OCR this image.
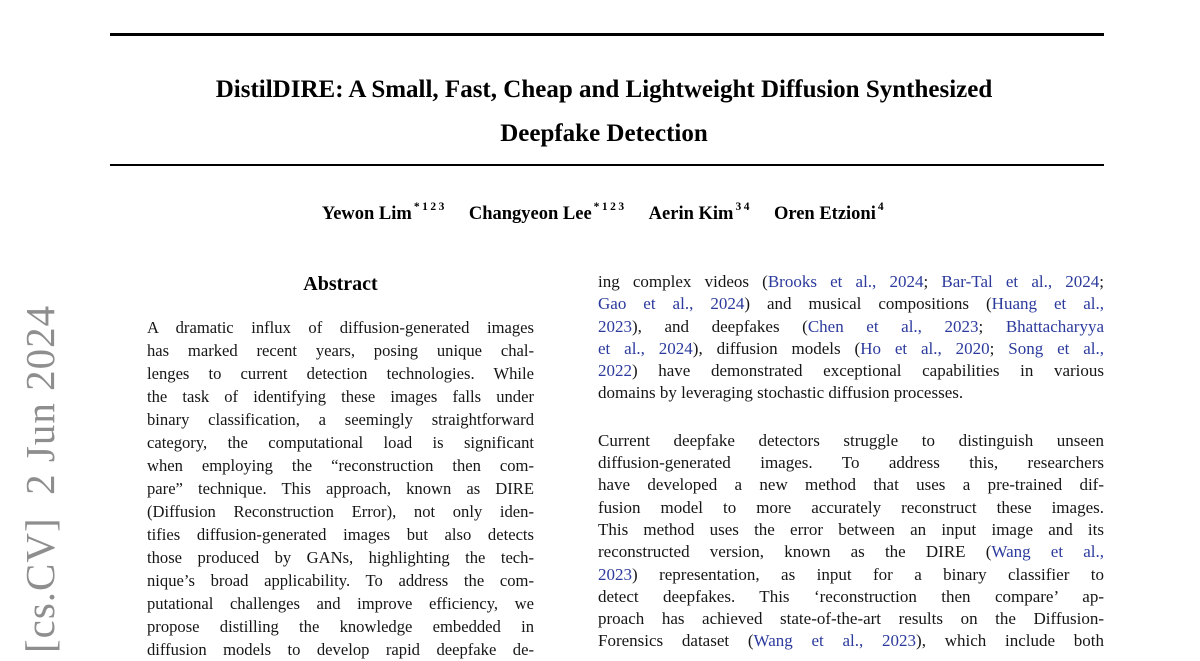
[cs.CV]  2 Jun 2024
DistilDIRE: A Small, Fast, Cheap and Lightweight Diffusion Synthesized
Deepfake Detection
Yewon Lim $^{*123}$ Changyeon Lee $^{*123}$ Aerin Kim $^{34}$ Oren Etzioni $^4$
Abstract
A dramatic influx of diffusion-generated images
has marked recent years, posing unique chal-
lenges to current detection technologies. While
the task of identifying these images falls under
binary classification, a seemingly straightforward
category, the computational load is significant
when employing the “reconstruction then com-
pare” technique. This approach, known as DIRE
(Diffusion Reconstruction Error), not only iden-
tifies diffusion-generated images but also detects
those produced by GANs, highlighting the tech-
nique’s broad applicability. To address the com-
putational challenges and improve efficiency, we
propose distilling the knowledge embedded in
diffusion models to develop rapid deepfake de-
ing complex videos (Brooks et al., 2024; Bar-Tal et al., 2024;
Gao et al., 2024) and musical compositions (Huang et al.,
2023), and deepfakes (Chen et al., 2023; Bhattacharyya
et al., 2024), diffusion models (Ho et al., 2020; Song et al.,
2022) have demonstrated exceptional capabilities in various
domains by leveraging stochastic diffusion processes.
Current deepfake detectors struggle to distinguish unseen
diffusion-generated images. To address this, researchers
have developed a new method that uses a pre-trained dif-
fusion model to more accurately reconstruct these images.
This method uses the error between an input image and its
reconstructed version, known as the DIRE (Wang et al.,
2023) representation, as input for a binary classifier to
detect deepfakes. This ‘reconstruction then compare’ ap-
proach has achieved state-of-the-art results on the Diffusion-
Forensics dataset (Wang et al., 2023), which include both
